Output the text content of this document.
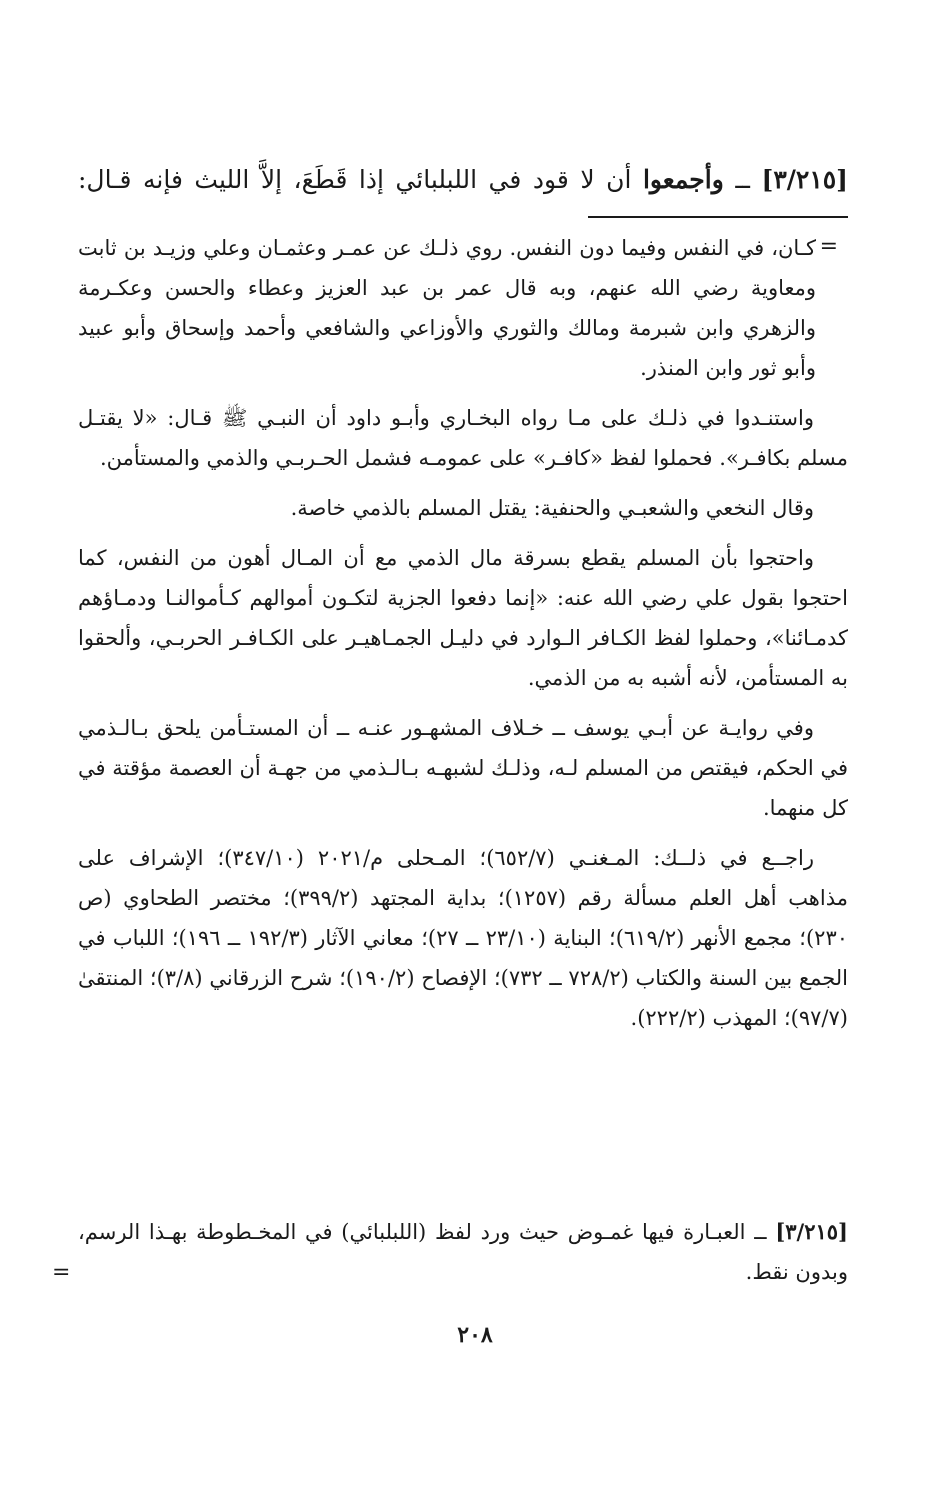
[٣/٢١٥] ــ وأجمعوا أن لا قود في اللبلبائي إذا قَطَعَ، إلاَّ الليث فإنه قـال:
=

كـان، في النفس وفيما دون النفس. روي ذلـك عن عمـر وعثمـان وعلي وزيـد بن ثابت ومعاوية رضي الله عنهم، وبه قال عمر بن عبد العزيز وعطاء والحسن وعكـرمة والزهري وابن شبرمة ومالك والثوري والأوزاعي والشافعي وأحمد وإسحاق وأبو عبيد وأبو ثور وابن المنذر.

واستنـدوا في ذلـك على مـا رواه البخـاري وأبـو داود أن النبـي ﷺ قـال: «لا يقتـل مسلم بكافـر». فحملوا لفظ «كافـر» على عمومـه فشمل الحـربـي والذمي والمستأمن.

وقال النخعي والشعبـي والحنفية: يقتل المسلم بالذمي خاصة.

واحتجوا بأن المسلم يقطع بسرقة مال الذمي مع أن المـال أهون من النفس، كما احتجوا بقول علي رضي الله عنه: «إنما دفعوا الجزية لتكـون أموالهم كـأموالنـا ودمـاؤهم كدمـائنا»، وحملوا لفظ الكـافر الـوارد في دليـل الجمـاهيـر على الكـافـر الحربـي، وألحقوا به المستأمن، لأنه أشبه به من الذمي.

وفي روايـة عن أبـي يوسف ــ خـلاف المشهـور عنـه ــ أن المستـأمن يلحق بـالـذمي في الحكم، فيقتص من المسلم لـه، وذلـك لشبهـه بـالـذمي من جهـة أن العصمة مؤقتة في كل منهما.

راجــع في ذلــك: المـغنـي (٦٥٢/٧)؛ المـحلى م/٢٠٢١ (٣٤٧/١٠)؛ الإشراف على مذاهب أهل العلم مسألة رقم (١٢٥٧)؛ بداية المجتهد (٣٩٩/٢)؛ مختصر الطحاوي (ص ٢٣٠)؛ مجمع الأنهر (٦١٩/٢)؛ البناية (٢٣/١٠ ــ ٢٧)؛ معاني الآثار (١٩٢/٣ ــ ١٩٦)؛ اللباب في الجمع بين السنة والكتاب (٧٢٨/٢ ــ ٧٣٢)؛ الإفصاح (١٩٠/٢)؛ شرح الزرقاني (٣/٨)؛ المنتقىٰ (٩٧/٧)؛ المهذب (٢٢٢/٢).

[٣/٢١٥] ــ العبـارة فيها غمـوض حيث ورد لفظ (اللبلبائي) في المخـطوطة بهـذا الرسم، وبدون نقط.
=
٢٠٨
